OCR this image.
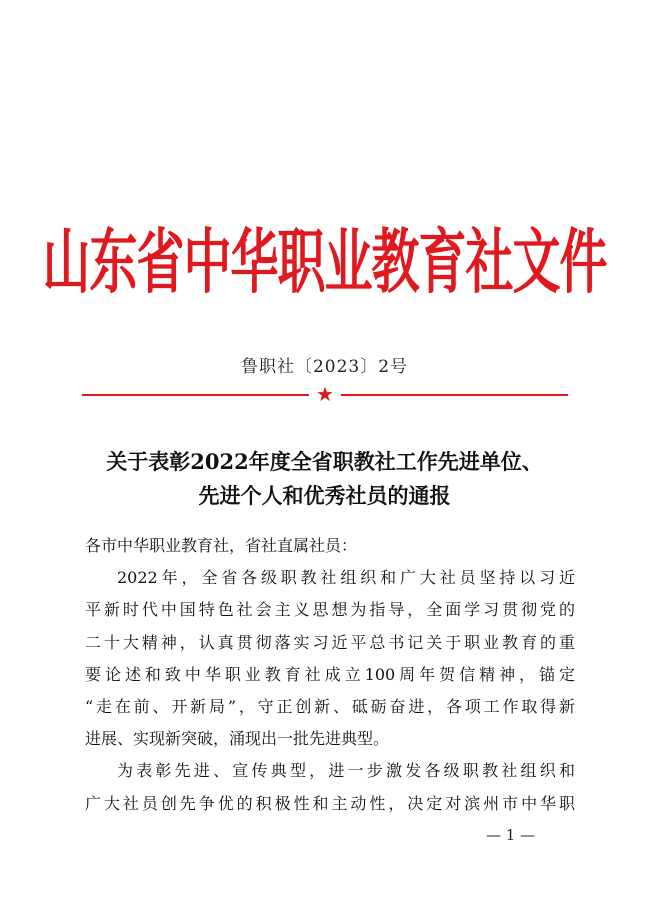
山东省中华职业教育社文件
鲁职社〔2023〕2号
★
关于表彰2022年度全省职教社工作先进单位、
先进个人和优秀社员的通报
各市中华职业教育社，省社直属社员：
2022年，全省各级职教社组织和广大社员坚持以习近
平新时代中国特色社会主义思想为指导，全面学习贯彻党的
二十大精神，认真贯彻落实习近平总书记关于职业教育的重
要论述和致中华职业教育社成立100周年贺信精神，锚定
“走在前、开新局”，守正创新、砥砺奋进，各项工作取得新
进展、实现新突破，涌现出一批先进典型。
为表彰先进、宣传典型，进一步激发各级职教社组织和
广大社员创先争优的积极性和主动性，决定对滨州市中华职
— 1 —
